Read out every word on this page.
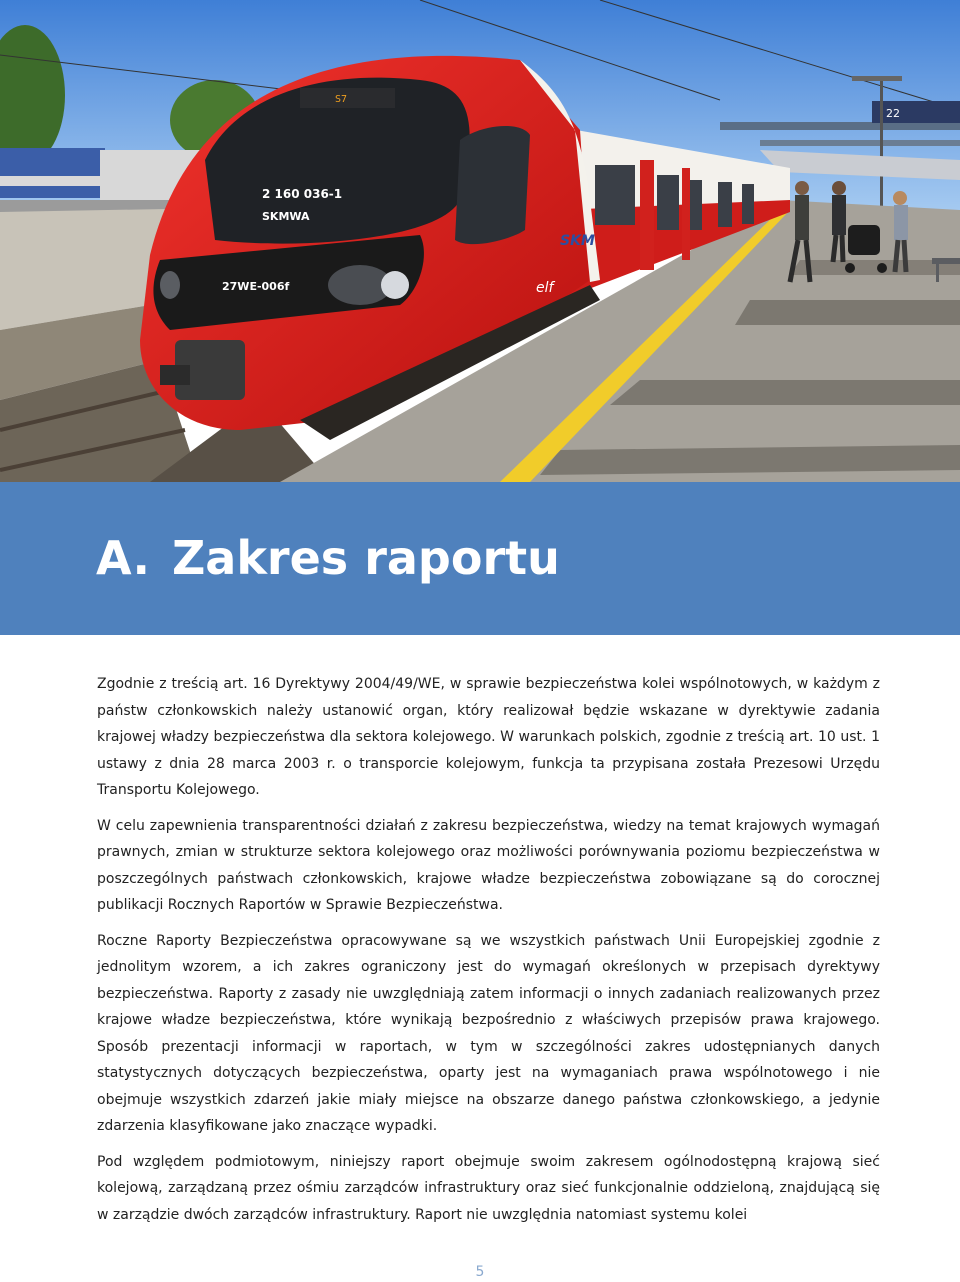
22
S7
2 160 036-1
SKMWA
27WE-006f
SKM
elf
A. Zakres raportu

Zgodnie z treścią art. 16 Dyrektywy 2004/49/WE, w sprawie bezpieczeństwa kolei wspólnotowych, w każdym z państw członkowskich należy ustanowić organ, który realizował będzie wskazane w dyrektywie zadania krajowej władzy bezpieczeństwa dla sektora kolejowego. W warunkach polskich, zgodnie z treścią art. 10 ust. 1 ustawy z dnia 28 marca 2003 r. o transporcie kolejowym, funkcja ta przypisana została Prezesowi Urzędu Transportu Kolejowego.

W celu zapewnienia transparentności działań z zakresu bezpieczeństwa, wiedzy na temat krajowych wymagań prawnych, zmian w strukturze sektora kolejowego oraz możliwości porównywania poziomu bezpieczeństwa w poszczególnych państwach członkowskich, krajowe władze bezpieczeństwa zobowiązane są do corocznej publikacji Rocznych Raportów w Sprawie Bezpieczeństwa.

Roczne Raporty Bezpieczeństwa opracowywane są we wszystkich państwach Unii Europejskiej zgodnie z jednolitym wzorem, a ich zakres ograniczony jest do wymagań określonych w przepisach dyrektywy bezpieczeństwa. Raporty z zasady nie uwzględniają zatem informacji o innych zadaniach realizowanych przez krajowe władze bezpieczeństwa, które wynikają bezpośrednio z właściwych przepisów prawa krajowego. Sposób prezentacji informacji w raportach, w tym w szczególności zakres udostępnianych danych statystycznych dotyczących bezpieczeństwa, oparty jest na wymaganiach prawa wspólnotowego i nie obejmuje wszystkich zdarzeń jakie miały miejsce na obszarze danego państwa członkowskiego, a jedynie zdarzenia klasyfikowane jako znaczące wypadki.

Pod względem podmiotowym, niniejszy raport obejmuje swoim zakresem ogólnodostępną krajową sieć kolejową, zarządzaną przez ośmiu zarządców infrastruktury oraz sieć funkcjonalnie oddzieloną, znajdującą się w zarządzie dwóch zarządców infrastruktury. Raport nie uwzględnia natomiast systemu kolei

5
